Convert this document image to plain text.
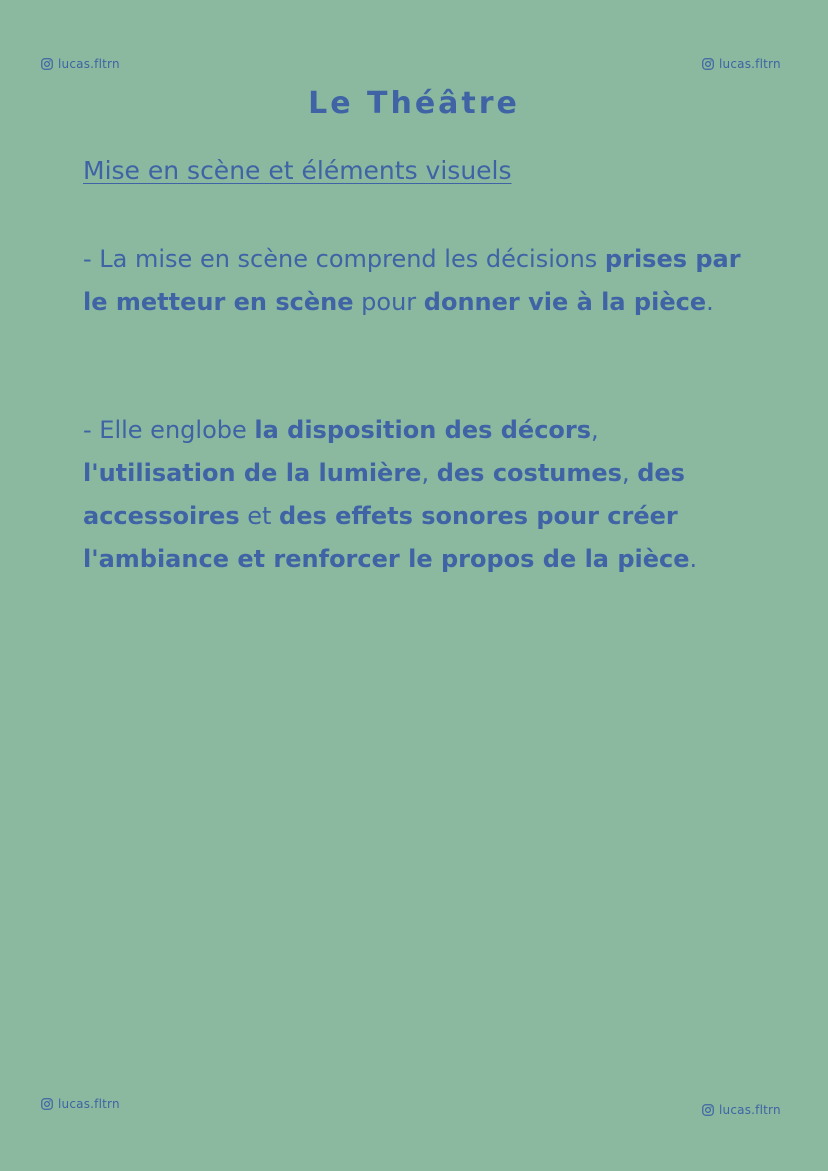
lucas.fltrn	lucas.fltrn
Le Théâtre
Mise en scène et éléments visuels

- La mise en scène comprend les décisions prises par le metteur en scène pour donner vie à la pièce.

- Elle englobe la disposition des décors, l'utilisation de la lumière, des costumes, des accessoires et des effets sonores pour créer l'ambiance et renforcer le propos de la pièce.

lucas.fltrn	lucas.fltrn
